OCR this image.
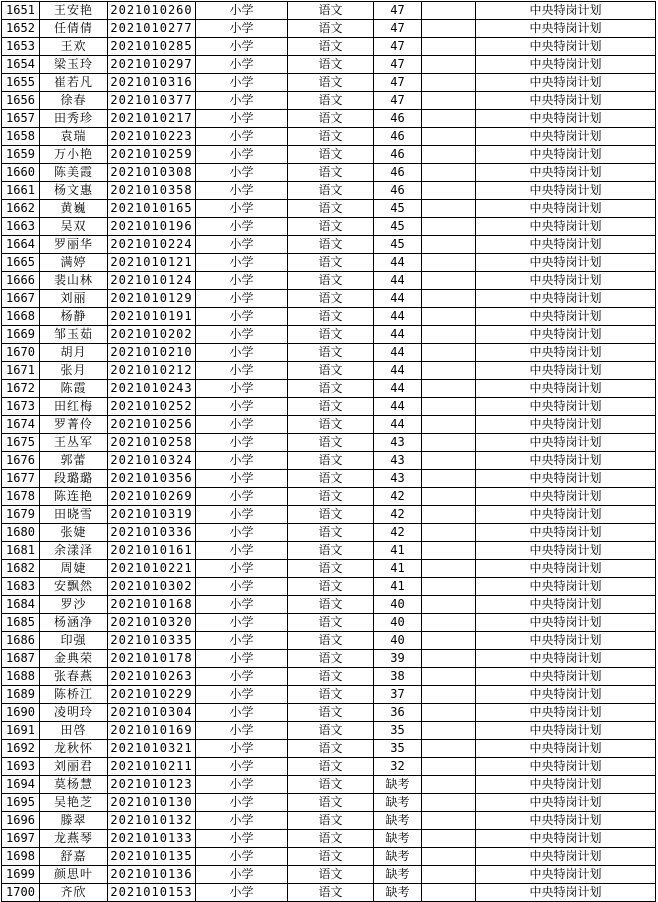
1651	王安艳	2021010260	小学	语文	47		中央特岗计划
1652	任倩倩	2021010277	小学	语文	47		中央特岗计划
1653	王欢	2021010285	小学	语文	47		中央特岗计划
1654	梁玉玲	2021010297	小学	语文	47		中央特岗计划
1655	崔若凡	2021010316	小学	语文	47		中央特岗计划
1656	徐春	2021010377	小学	语文	47		中央特岗计划
1657	田秀珍	2021010217	小学	语文	46		中央特岗计划
1658	袁瑞	2021010223	小学	语文	46		中央特岗计划
1659	万小艳	2021010259	小学	语文	46		中央特岗计划
1660	陈美霞	2021010308	小学	语文	46		中央特岗计划
1661	杨文惠	2021010358	小学	语文	46		中央特岗计划
1662	黄巍	2021010165	小学	语文	45		中央特岗计划
1663	吴双	2021010196	小学	语文	45		中央特岗计划
1664	罗丽华	2021010224	小学	语文	45		中央特岗计划
1665	满婷	2021010121	小学	语文	44		中央特岗计划
1666	裴山林	2021010124	小学	语文	44		中央特岗计划
1667	刘丽	2021010129	小学	语文	44		中央特岗计划
1668	杨静	2021010191	小学	语文	44		中央特岗计划
1669	邹玉茹	2021010202	小学	语文	44		中央特岗计划
1670	胡月	2021010210	小学	语文	44		中央特岗计划
1671	张月	2021010212	小学	语文	44		中央特岗计划
1672	陈霞	2021010243	小学	语文	44		中央特岗计划
1673	田红梅	2021010252	小学	语文	44		中央特岗计划
1674	罗菁伶	2021010256	小学	语文	44		中央特岗计划
1675	王丛军	2021010258	小学	语文	43		中央特岗计划
1676	郭蕾	2021010324	小学	语文	43		中央特岗计划
1677	段璐璐	2021010356	小学	语文	43		中央特岗计划
1678	陈连艳	2021010269	小学	语文	42		中央特岗计划
1679	田晓雪	2021010319	小学	语文	42		中央特岗计划
1680	张婕	2021010336	小学	语文	42		中央特岗计划
1681	余漾泽	2021010161	小学	语文	41		中央特岗计划
1682	周婕	2021010221	小学	语文	41		中央特岗计划
1683	安飘然	2021010302	小学	语文	41		中央特岗计划
1684	罗沙	2021010168	小学	语文	40		中央特岗计划
1685	杨涵净	2021010320	小学	语文	40		中央特岗计划
1686	印强	2021010335	小学	语文	40		中央特岗计划
1687	金典荣	2021010178	小学	语文	39		中央特岗计划
1688	张春燕	2021010263	小学	语文	38		中央特岗计划
1689	陈桥江	2021010229	小学	语文	37		中央特岗计划
1690	凌明玲	2021010304	小学	语文	36		中央特岗计划
1691	田啓	2021010169	小学	语文	35		中央特岗计划
1692	龙秋怀	2021010321	小学	语文	35		中央特岗计划
1693	刘丽君	2021010211	小学	语文	32		中央特岗计划
1694	莫杨慧	2021010123	小学	语文	缺考		中央特岗计划
1695	吴艳芝	2021010130	小学	语文	缺考		中央特岗计划
1696	滕翠	2021010132	小学	语文	缺考		中央特岗计划
1697	龙燕琴	2021010133	小学	语文	缺考		中央特岗计划
1698	舒嘉	2021010135	小学	语文	缺考		中央特岗计划
1699	颜思叶	2021010136	小学	语文	缺考		中央特岗计划
1700	齐欣	2021010153	小学	语文	缺考		中央特岗计划
